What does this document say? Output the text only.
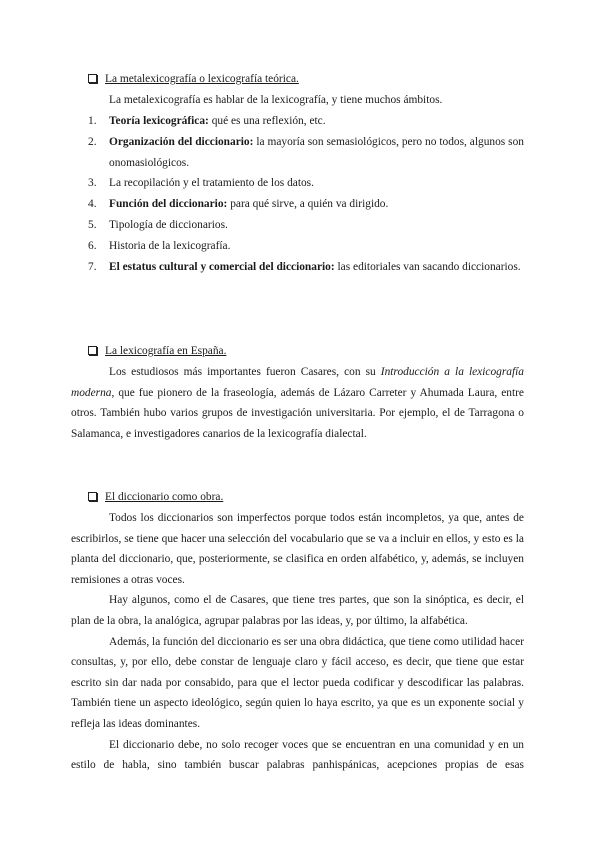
La metalexicografía o lexicografía teórica.
La metalexicografía es hablar de la lexicografía, y tiene muchos ámbitos.
1.	Teoría lexicográfica: qué es una reflexión, etc.
2.	Organización del diccionario: la mayoría son semasiológicos, pero no todos, algunos son onomasiológicos.
3.	La recopilación y el tratamiento de los datos.
4.	Función del diccionario: para qué sirve, a quién va dirigido.
5.	Tipología de diccionarios.
6.	Historia de la lexicografía.
7.	El estatus cultural y comercial del diccionario: las editoriales van sacando diccionarios.
La lexicografía en España.

Los estudiosos más importantes fueron Casares, con su Introducción a la lexicografía moderna, que fue pionero de la fraseología, además de Lázaro Carreter y Ahumada Laura, entre otros. También hubo varios grupos de investigación universitaria. Por ejemplo, el de Tarragona o Salamanca, e investigadores canarios de la lexicografía dialectal.

El diccionario como obra.

Todos los diccionarios son imperfectos porque todos están incompletos, ya que, antes de escribirlos, se tiene que hacer una selección del vocabulario que se va a incluir en ellos, y esto es la planta del diccionario, que, posteriormente, se clasifica en orden alfabético, y, además, se incluyen remisiones a otras voces.

Hay algunos, como el de Casares, que tiene tres partes, que son la sinóptica, es decir, el plan de la obra, la analógica, agrupar palabras por las ideas, y, por último, la alfabética.

Además, la función del diccionario es ser una obra didáctica, que tiene como utilidad hacer consultas, y, por ello, debe constar de lenguaje claro y fácil acceso, es decir, que tiene que estar escrito sin dar nada por consabido, para que el lector pueda codificar y descodificar las palabras. También tiene un aspecto ideológico, según quien lo haya escrito, ya que es un exponente social y refleja las ideas dominantes.

El diccionario debe, no solo recoger voces que se encuentran en una comunidad y en un estilo de habla, sino también buscar palabras panhispánicas, acepciones propias de esas
